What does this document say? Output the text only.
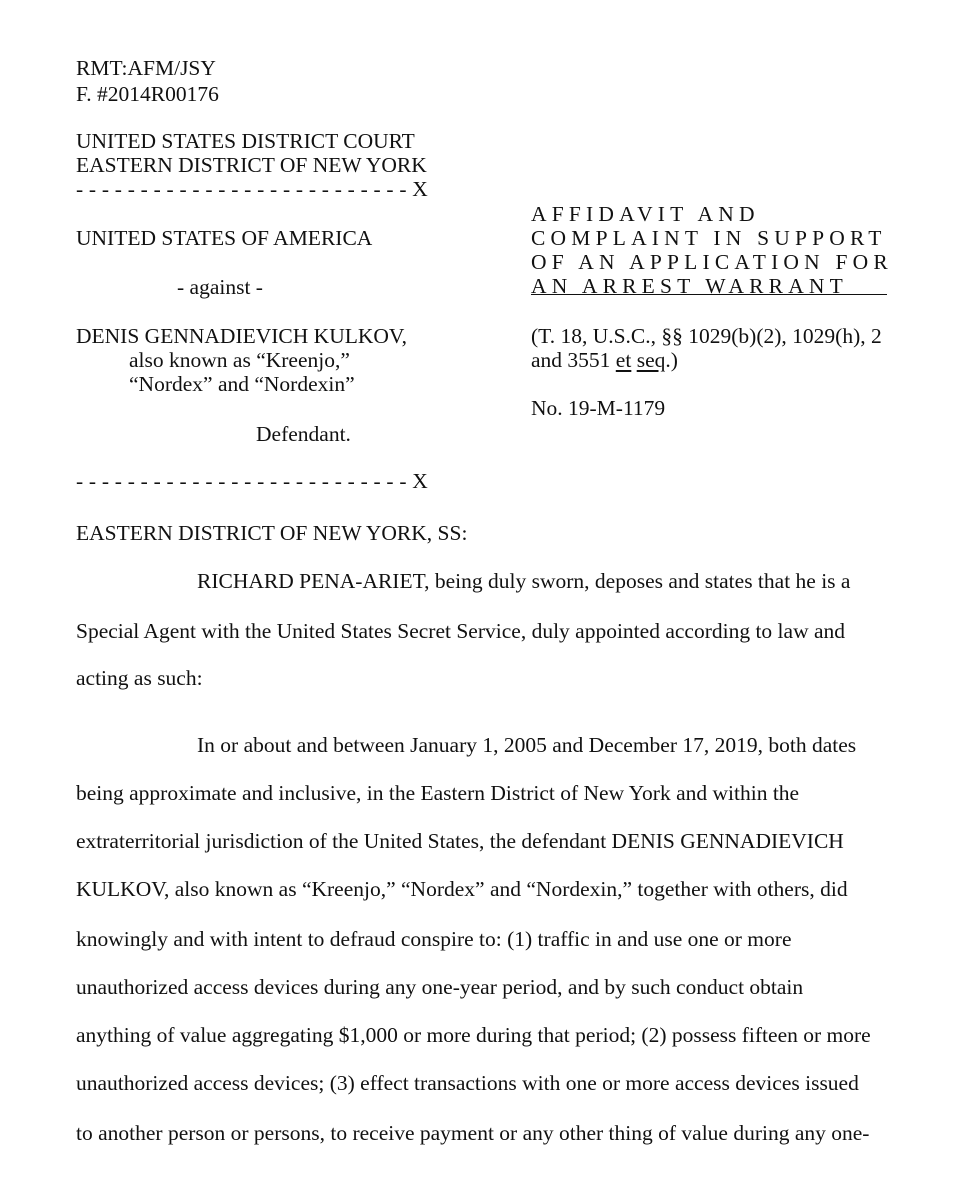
RMT:AFM/JSY
F. #2014R00176
UNITED STATES DISTRICT COURT
EASTERN DISTRICT OF NEW YORK
- - - - - - - - - - - - - - - - - - - - - - - - - - X
UNITED STATES OF AMERICA
- against -
DENIS GENNADIEVICH KULKOV,
also known as “Kreenjo,”
“Nordex” and “Nordexin”
Defendant.
- - - - - - - - - - - - - - - - - - - - - - - - - - X
AFFIDAVIT AND
COMPLAINT IN SUPPORT
OF AN APPLICATION FOR
AN ARREST WARRANT
(T. 18, U.S.C., §§ 1029(b)(2), 1029(h), 2
and 3551 et seq.)
No. 19-M-1179
EASTERN DISTRICT OF NEW YORK, SS:
RICHARD PENA-ARIET, being duly sworn, deposes and states that he is a
Special Agent with the United States Secret Service, duly appointed according to law and
acting as such:
In or about and between January 1, 2005 and December 17, 2019, both dates
being approximate and inclusive, in the Eastern District of New York and within the
extraterritorial jurisdiction of the United States, the defendant DENIS GENNADIEVICH
KULKOV, also known as “Kreenjo,” “Nordex” and “Nordexin,” together with others, did
knowingly and with intent to defraud conspire to: (1) traffic in and use one or more
unauthorized access devices during any one-year period, and by such conduct obtain
anything of value aggregating $1,000 or more during that period; (2) possess fifteen or more
unauthorized access devices; (3) effect transactions with one or more access devices issued
to another person or persons, to receive payment or any other thing of value during any one-
